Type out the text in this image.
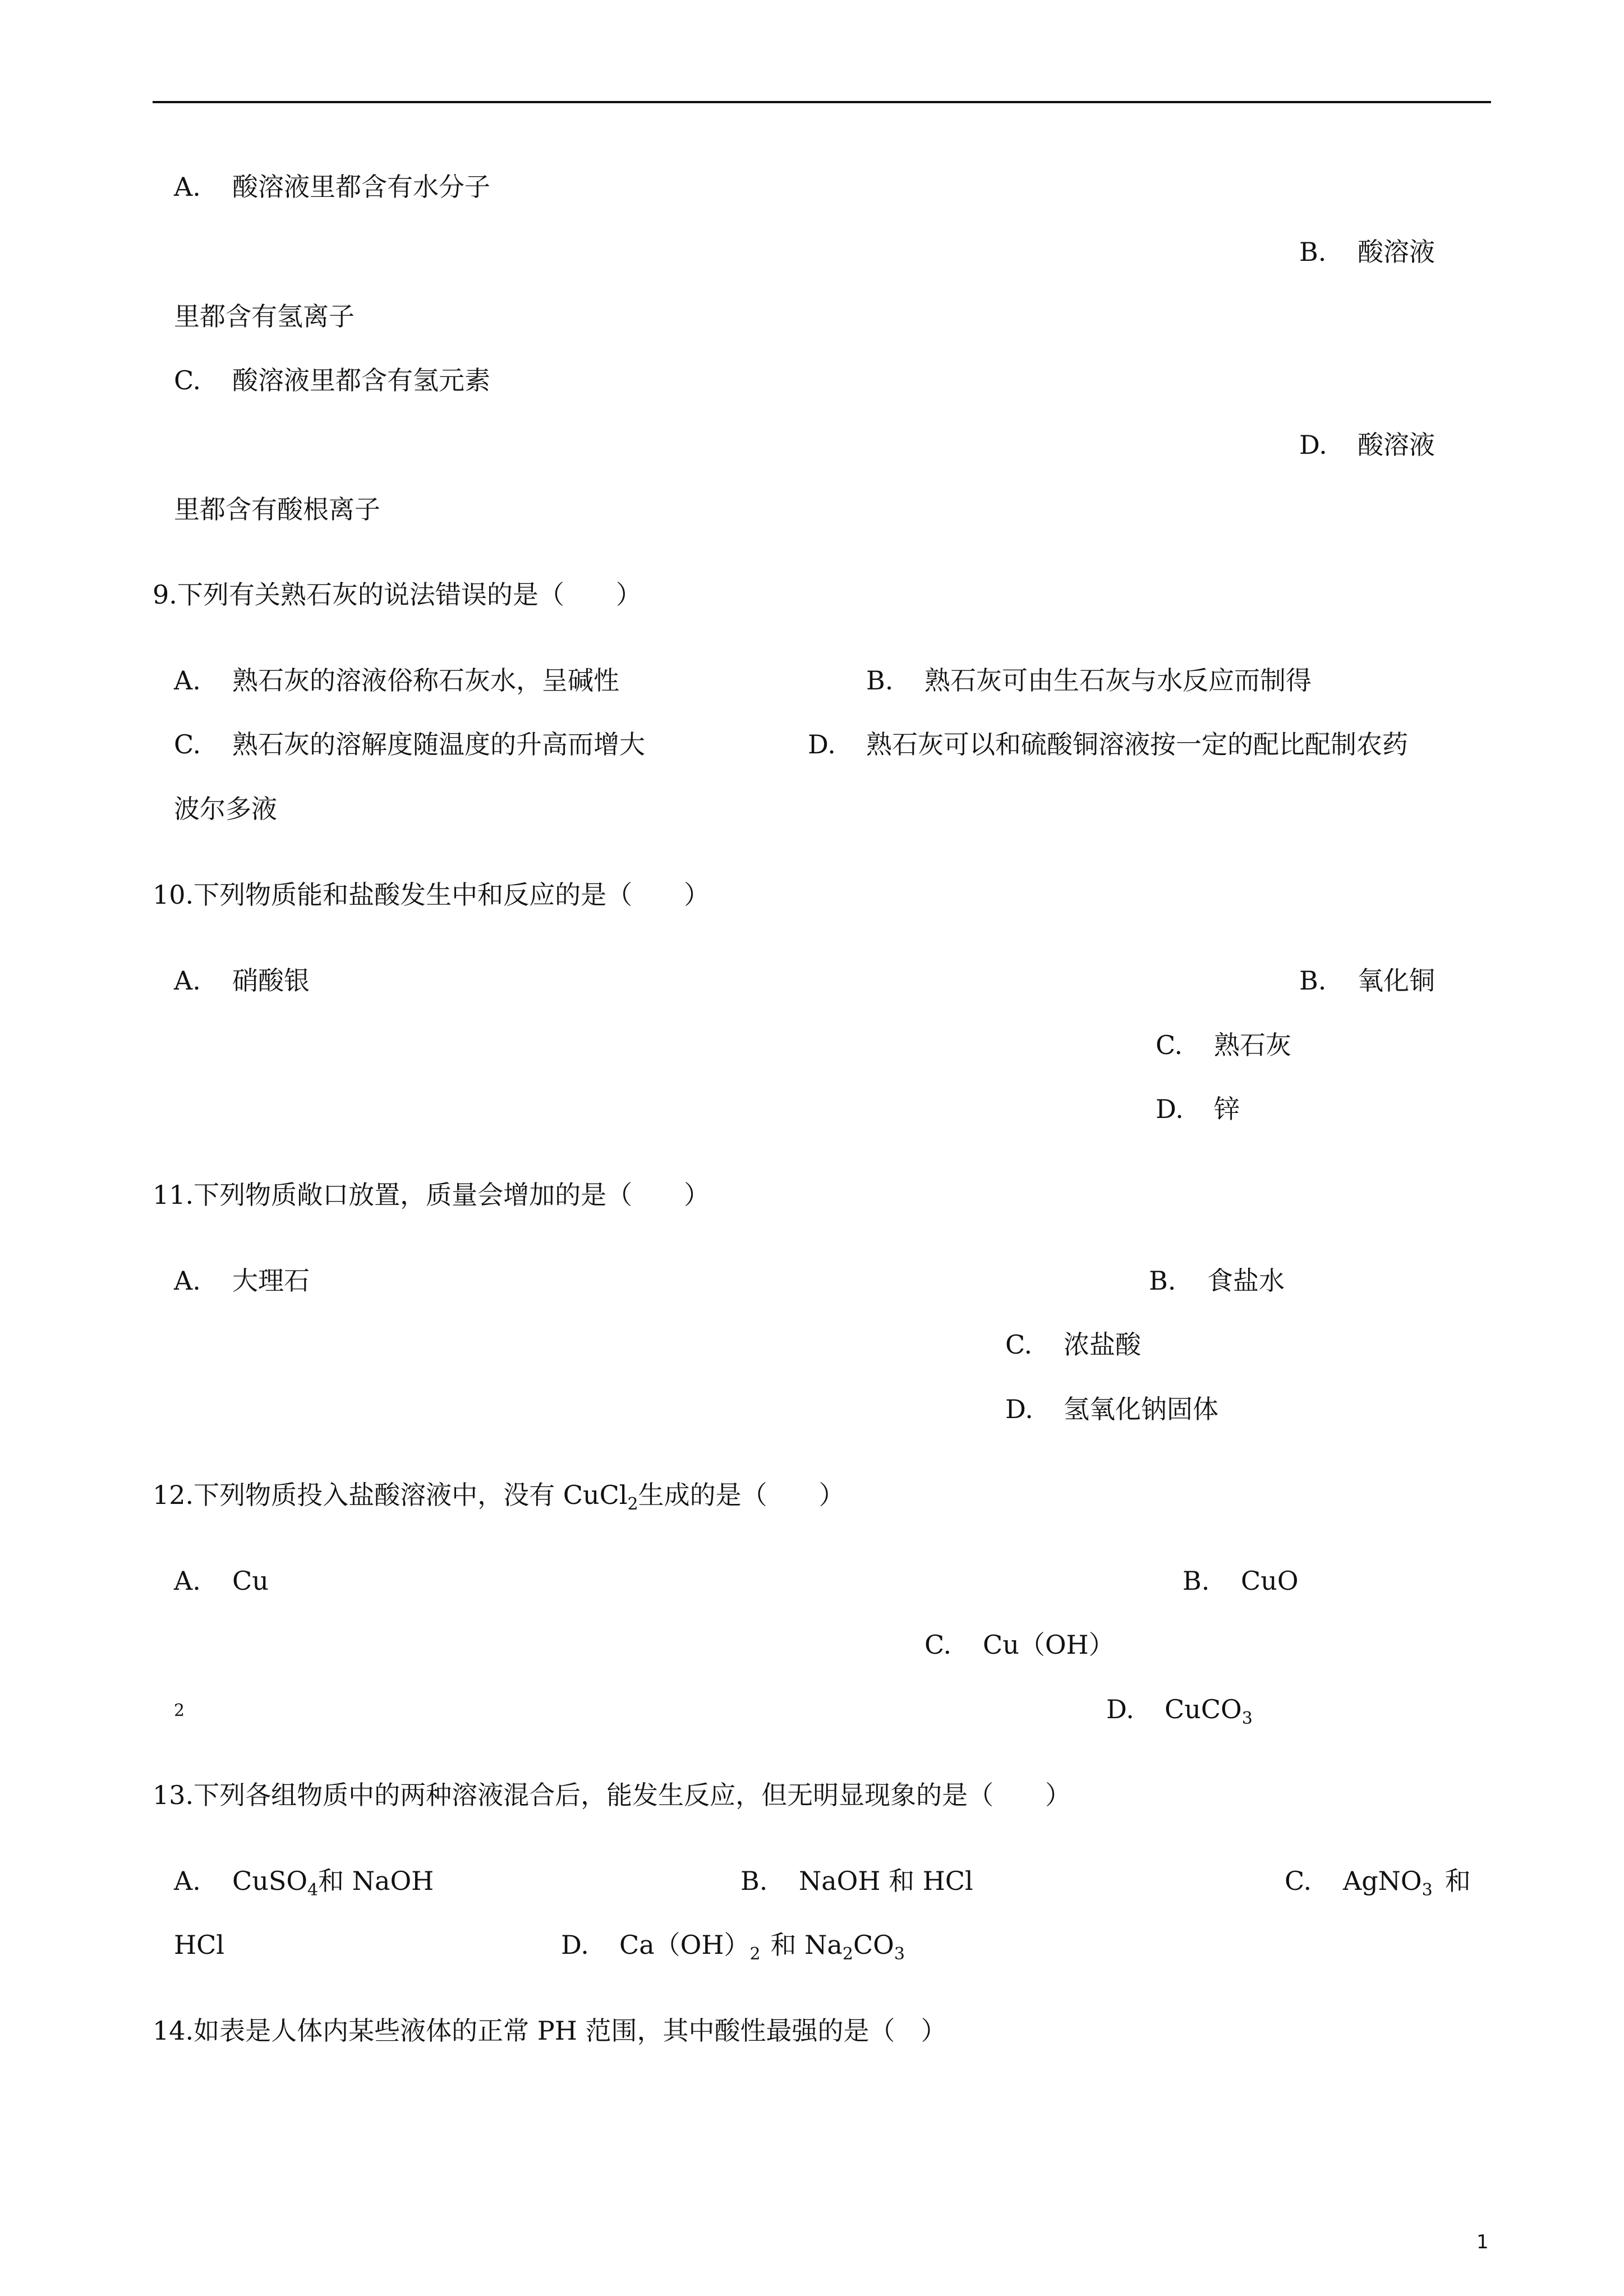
A. 酸溶液里都含有水分子
B. 酸溶液
里都含有氢离子
C. 酸溶液里都含有氢元素
D. 酸溶液
里都含有酸根离子
9.下列有关熟石灰的说法错误的是（　　）
A. 熟石灰的溶液俗称石灰水，呈碱性	B. 熟石灰可由生石灰与水反应而制得
C. 熟石灰的溶解度随温度的升高而增大	D. 熟石灰可以和硫酸铜溶液按一定的配比配制农药
波尔多液
10.下列物质能和盐酸发生中和反应的是（　　）
A. 硝酸银	B. 氧化铜
C. 熟石灰
D. 锌
11.下列物质敞口放置，质量会增加的是（　　）
A. 大理石	B. 食盐水
C. 浓盐酸
D. 氢氧化钠固体
12.下列物质投入盐酸溶液中，没有 CuCl$_2$生成的是（　　）
A. Cu	B. CuO
C. Cu（OH）
2	D. CuCO$_3$
13.下列各组物质中的两种溶液混合后，能发生反应，但无明显现象的是（　　）
A. CuSO$_4$和 NaOH	B. NaOH 和 HCl	C. AgNO$_3$ 和
HCl	D. $Ca(OH)_2$ 和 $Na_2CO_3$
14.如表是人体内某些液体的正常 PH 范围，其中酸性最强的是（　）
1
